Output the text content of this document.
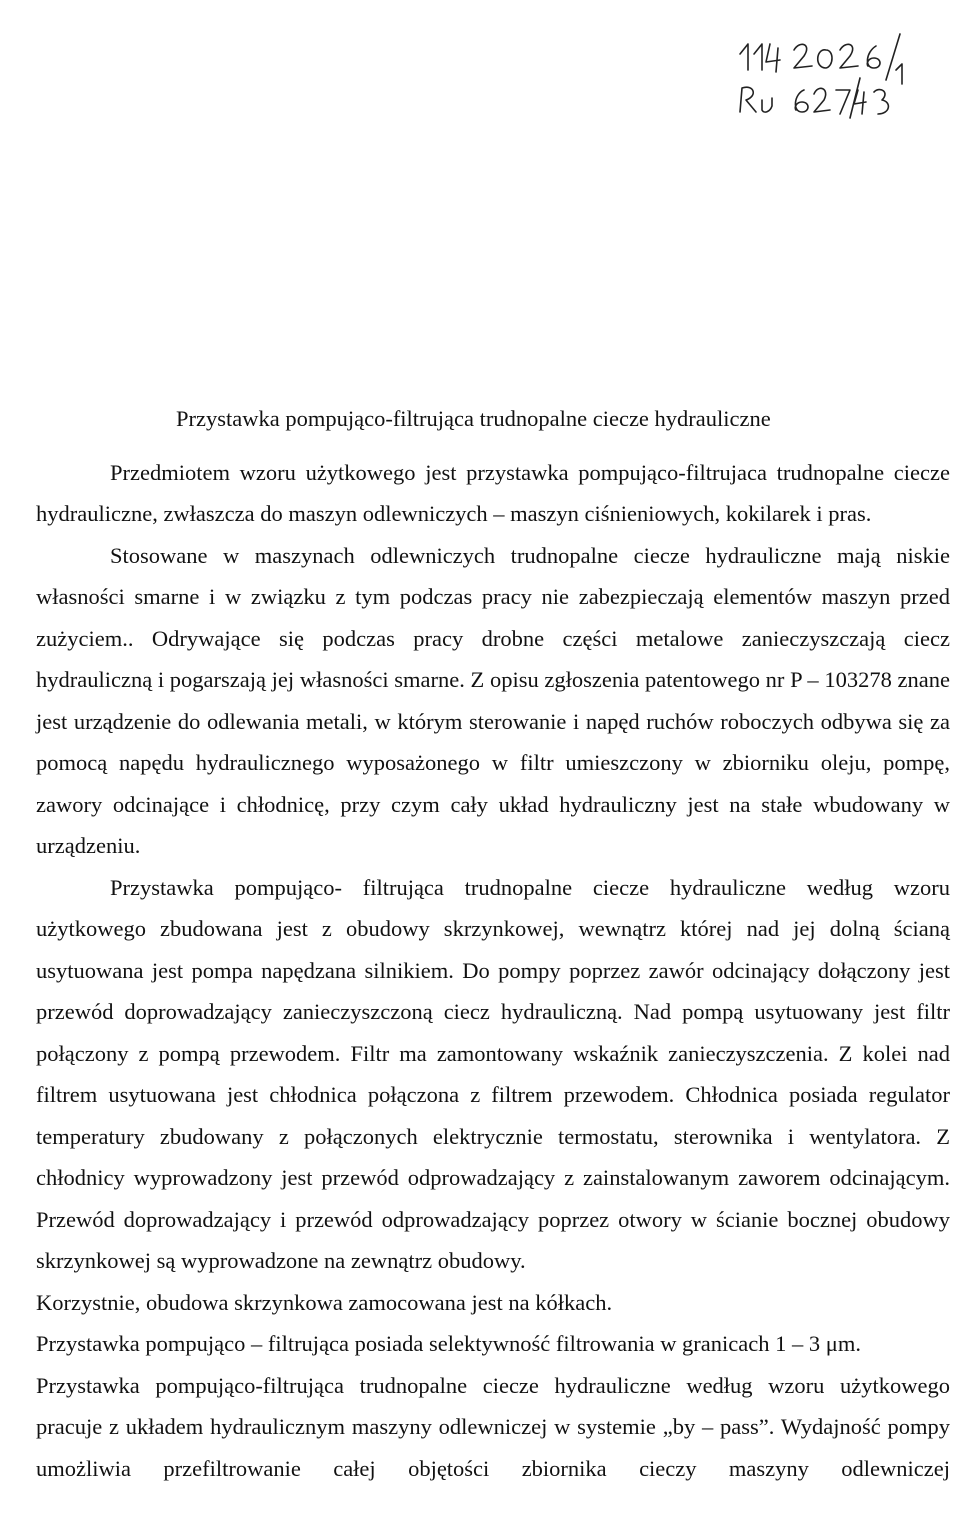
Przystawka pompująco-filtrująca trudnopalne ciecze hydrauliczne

Przedmiotem wzoru użytkowego jest przystawka pompująco-filtrujaca trudnopalne ciecze hydrauliczne, zwłaszcza do maszyn odlewniczych – maszyn ciśnieniowych, kokilarek i pras.

Stosowane w maszynach odlewniczych trudnopalne ciecze hydrauliczne mają niskie własności smarne i w związku z tym podczas pracy nie zabezpieczają elementów maszyn przed zużyciem.. Odrywające się podczas pracy drobne części metalowe zanieczyszczają ciecz hydrauliczną i pogarszają jej własności smarne. Z opisu zgłoszenia patentowego nr P – 103278 znane jest urządzenie do odlewania metali, w którym sterowanie i napęd ruchów roboczych odbywa się za pomocą napędu hydraulicznego wyposażonego w filtr umieszczony w zbiorniku oleju, pompę, zawory odcinające i chłodnicę, przy czym cały układ hydrauliczny jest na stałe wbudowany w urządzeniu.

Przystawka pompująco- filtrująca trudnopalne ciecze hydrauliczne według wzoru użytkowego zbudowana jest z obudowy skrzynkowej, wewnątrz której nad jej dolną ścianą usytuowana jest pompa napędzana silnikiem. Do pompy poprzez zawór odcinający dołączony jest przewód doprowadzający zanieczyszczoną ciecz hydrauliczną. Nad pompą usytuowany jest filtr połączony z pompą przewodem. Filtr ma zamontowany wskaźnik zanieczyszczenia. Z kolei nad filtrem usytuowana jest chłodnica połączona z filtrem przewodem. Chłodnica posiada regulator temperatury zbudowany z połączonych elektrycznie termostatu, sterownika i wentylatora. Z chłodnicy wyprowadzony jest przewód odprowadzający z zainstalowanym zaworem odcinającym. Przewód doprowadzający i przewód odprowadzający poprzez otwory w ścianie bocznej obudowy skrzynkowej są wyprowadzone na zewnątrz obudowy.

Korzystnie, obudowa skrzynkowa zamocowana jest na kółkach.

Przystawka pompująco – filtrująca posiada selektywność filtrowania w granicach 1 – 3 μm.

Przystawka pompująco-filtrująca trudnopalne ciecze hydrauliczne według wzoru użytkowego pracuje z układem hydraulicznym maszyny odlewniczej w systemie „by – pass”. Wydajność pompy umożliwia przefiltrowanie całej objętości zbiornika cieczy maszyny odlewniczej
